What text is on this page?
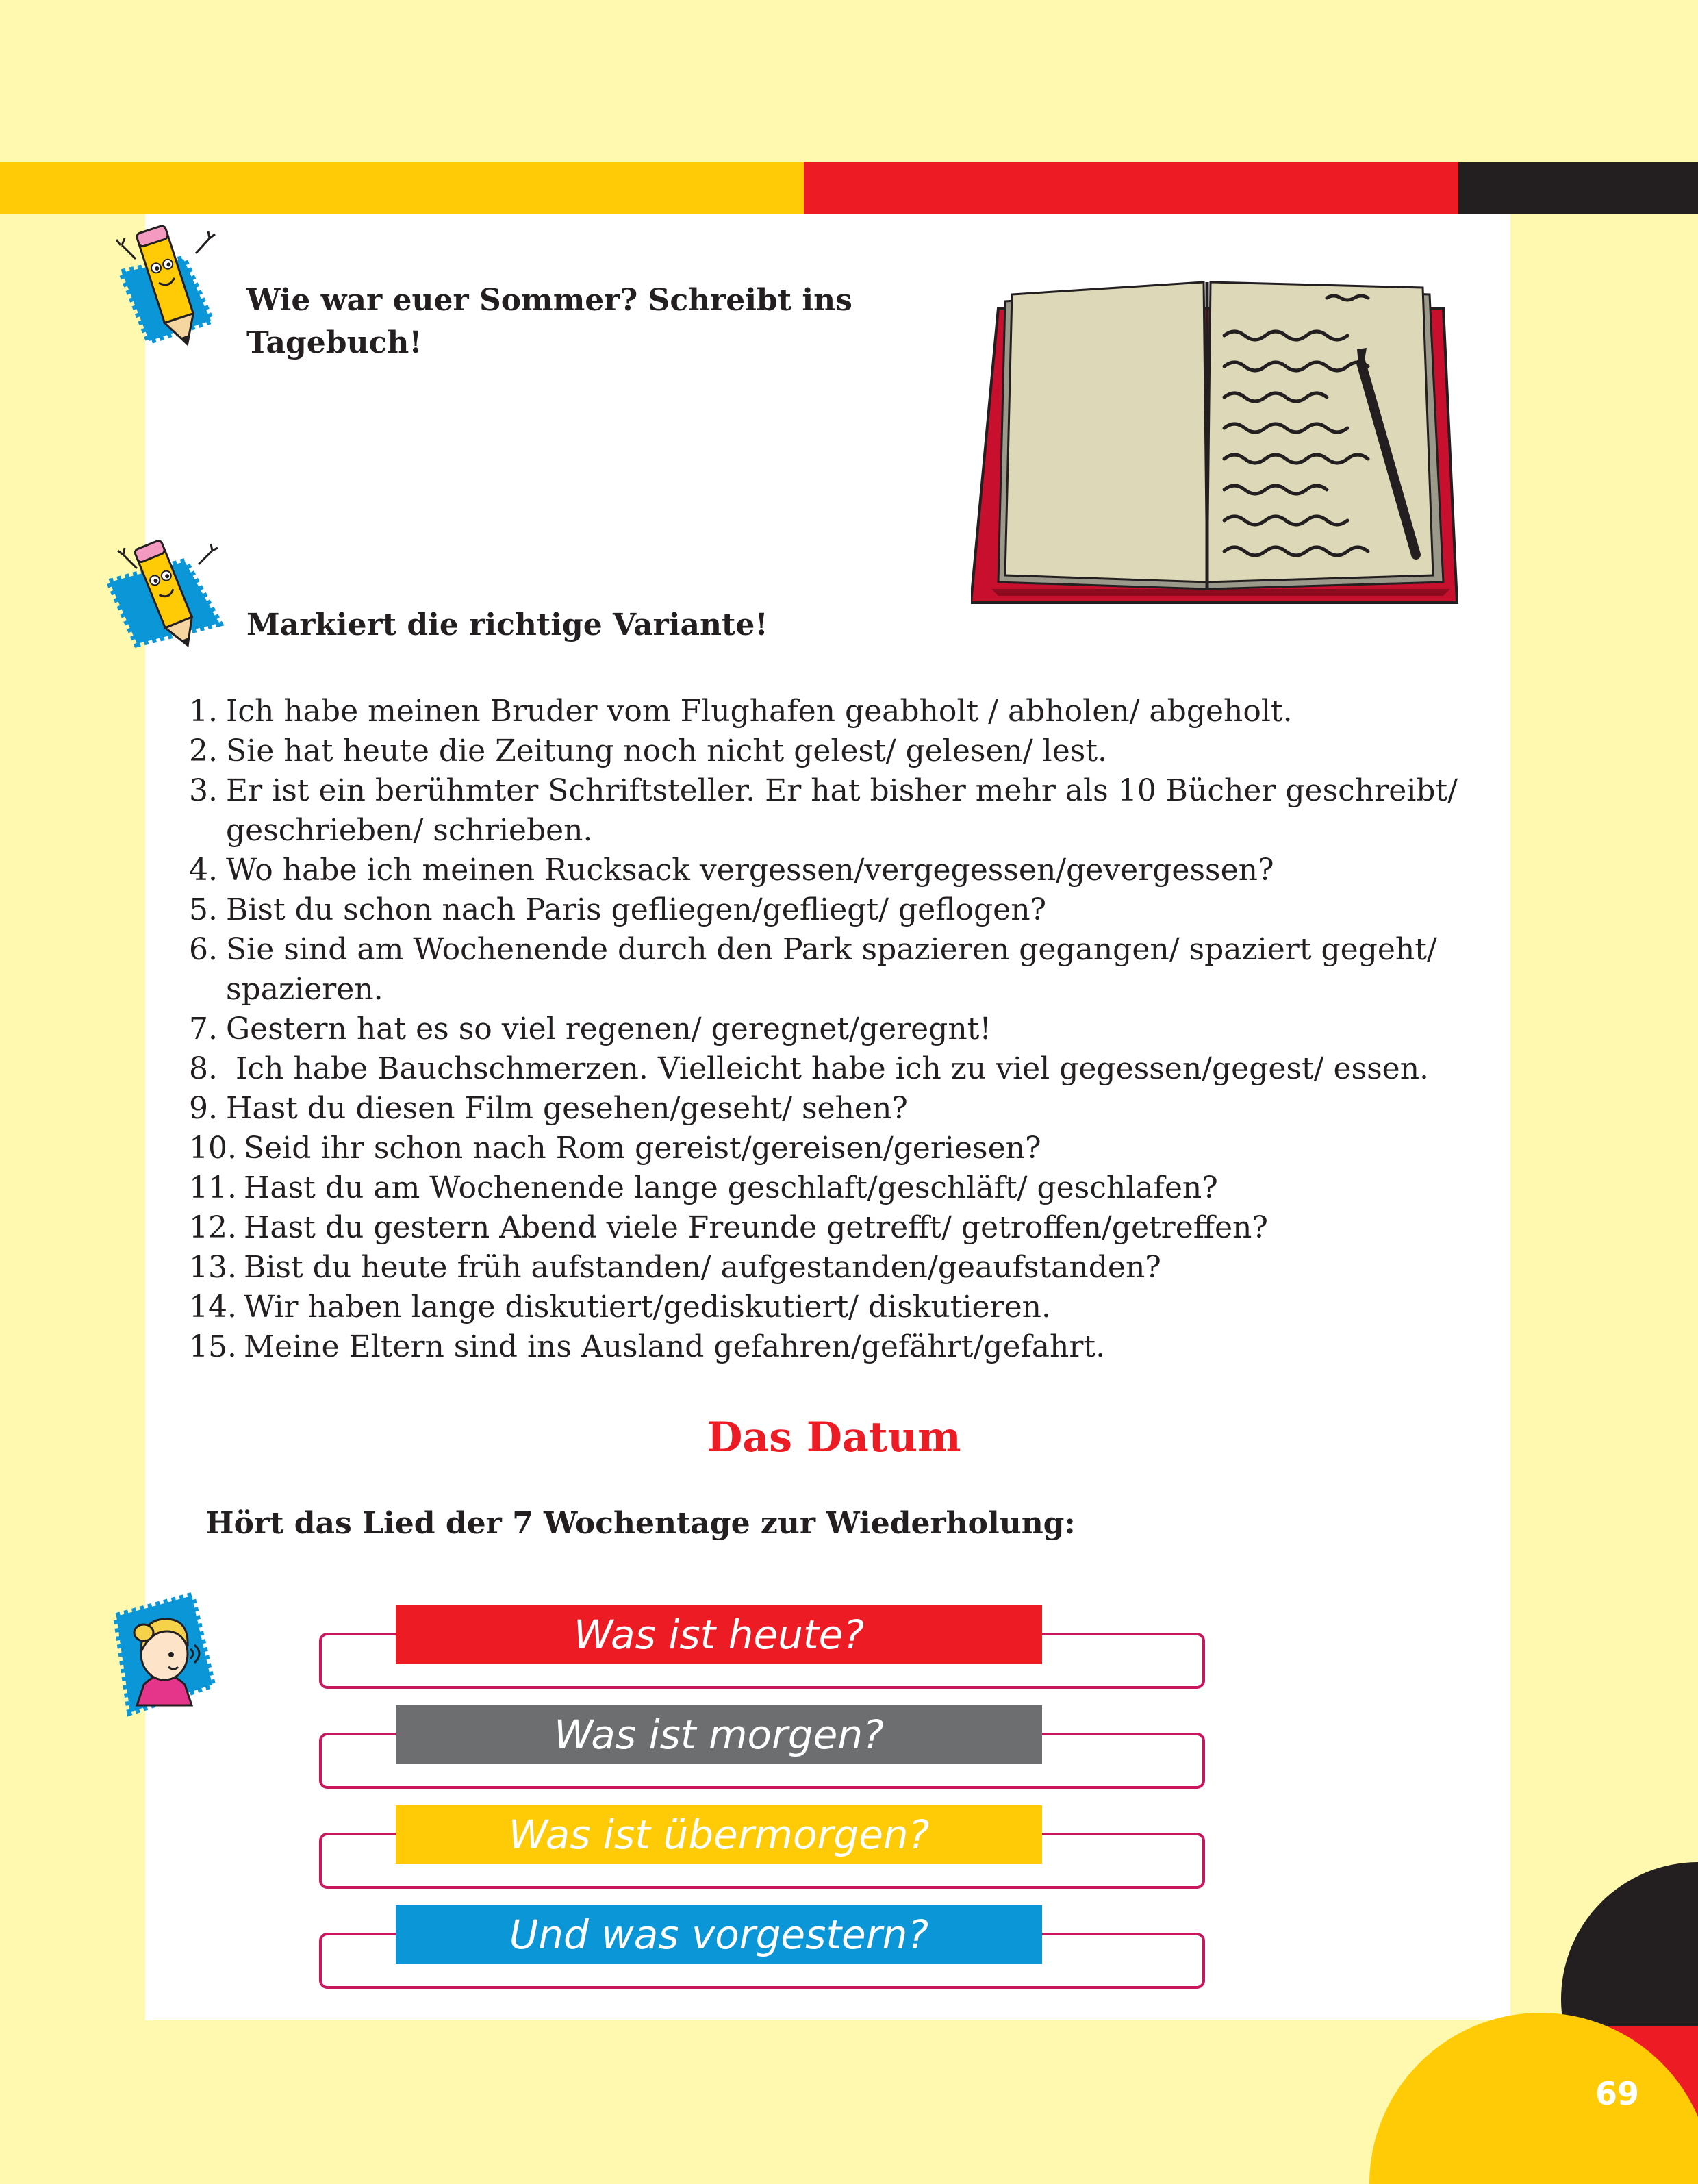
Wie war euer Sommer? Schreibt ins
Tagebuch!
Markiert die richtige Variante!
1. Ich habe meinen Bruder vom Flughafen geabholt / abholen/ abgeholt.
2. Sie hat heute die Zeitung noch nicht gelest/ gelesen/ lest.
3. Er ist ein berühmter Schriftsteller. Er hat bisher mehr als 10 Bücher geschreibt/
geschrieben/ schrieben.
4. Wo habe ich meinen Rucksack vergessen/vergegessen/gevergessen?
5. Bist du schon nach Paris gefliegen/gefliegt/ geflogen?
6. Sie sind am Wochenende durch den Park spazieren gegangen/ spaziert gegeht/
spazieren.
7. Gestern hat es so viel regenen/ geregnet/geregnt!
8. Ich habe Bauchschmerzen. Vielleicht habe ich zu viel gegessen/gegest/ essen.
9. Hast du diesen Film gesehen/geseht/ sehen?
10. Seid ihr schon nach Rom gereist/gereisen/geriesen?
11. Hast du am Wochenende lange geschlaft/geschläft/ geschlafen?
12. Hast du gestern Abend viele Freunde getrefft/ getroffen/getreffen?
13. Bist du heute früh aufstanden/ aufgestanden/geaufstanden?
14. Wir haben lange diskutiert/gediskutiert/ diskutieren.
15. Meine Eltern sind ins Ausland gefahren/gefährt/gefahrt.
Das Datum
Hört das Lied der 7 Wochentage zur Wiederholung:
Was ist heute?
Was ist morgen?
Was ist übermorgen?
Und was vorgestern?
69
